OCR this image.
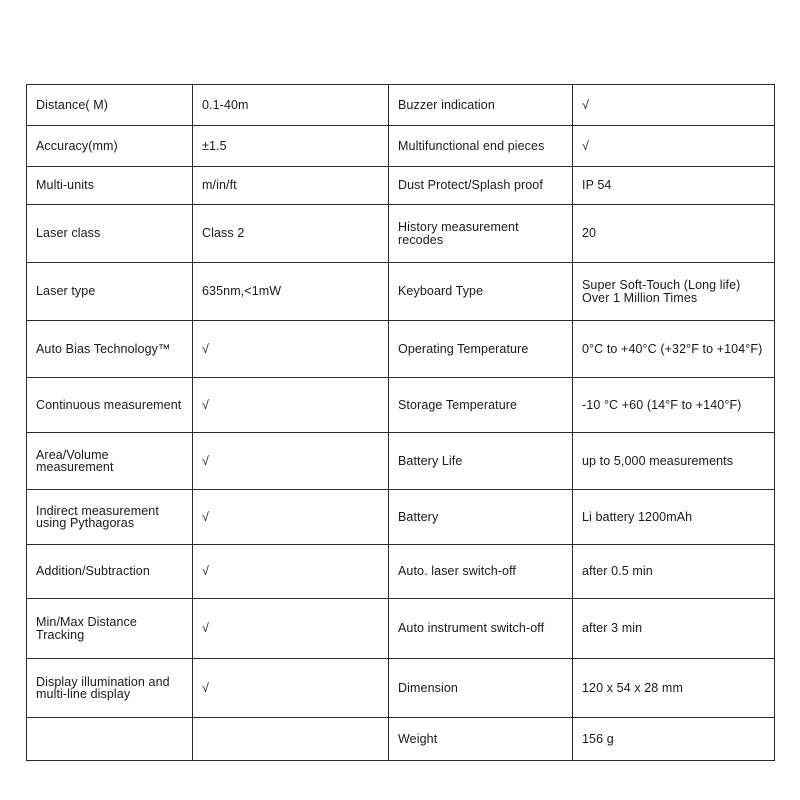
Distance( M)	0.1-40m	Buzzer indication	√
Accuracy(mm)	±1.5	Multifunctional end pieces	√
Multi-units	m/in/ft	Dust Protect/Splash proof	IP 54
Laser class	Class 2	History measurement recodes	20
Laser type	635nm,<1mW	Keyboard Type	Super Soft-Touch (Long life) Over 1 Million Times
Auto Bias Technology™	√	Operating Temperature	0°C to +40°C (+32°F to +104°F)
Continuous measurement	√	Storage Temperature	-10 °C +60 (14°F to +140°F)
Area/Volume measurement	√	Battery Life	up to 5,000 measurements
Indirect measurement using Pythagoras	√	Battery	Li battery 1200mAh
Addition/Subtraction	√	Auto. laser switch-off	after 0.5 min
Min/Max Distance Tracking	√	Auto instrument switch-off	after 3 min
Display illumination and multi-line display	√	Dimension	120 x 54 x 28 mm
		Weight	156 g
